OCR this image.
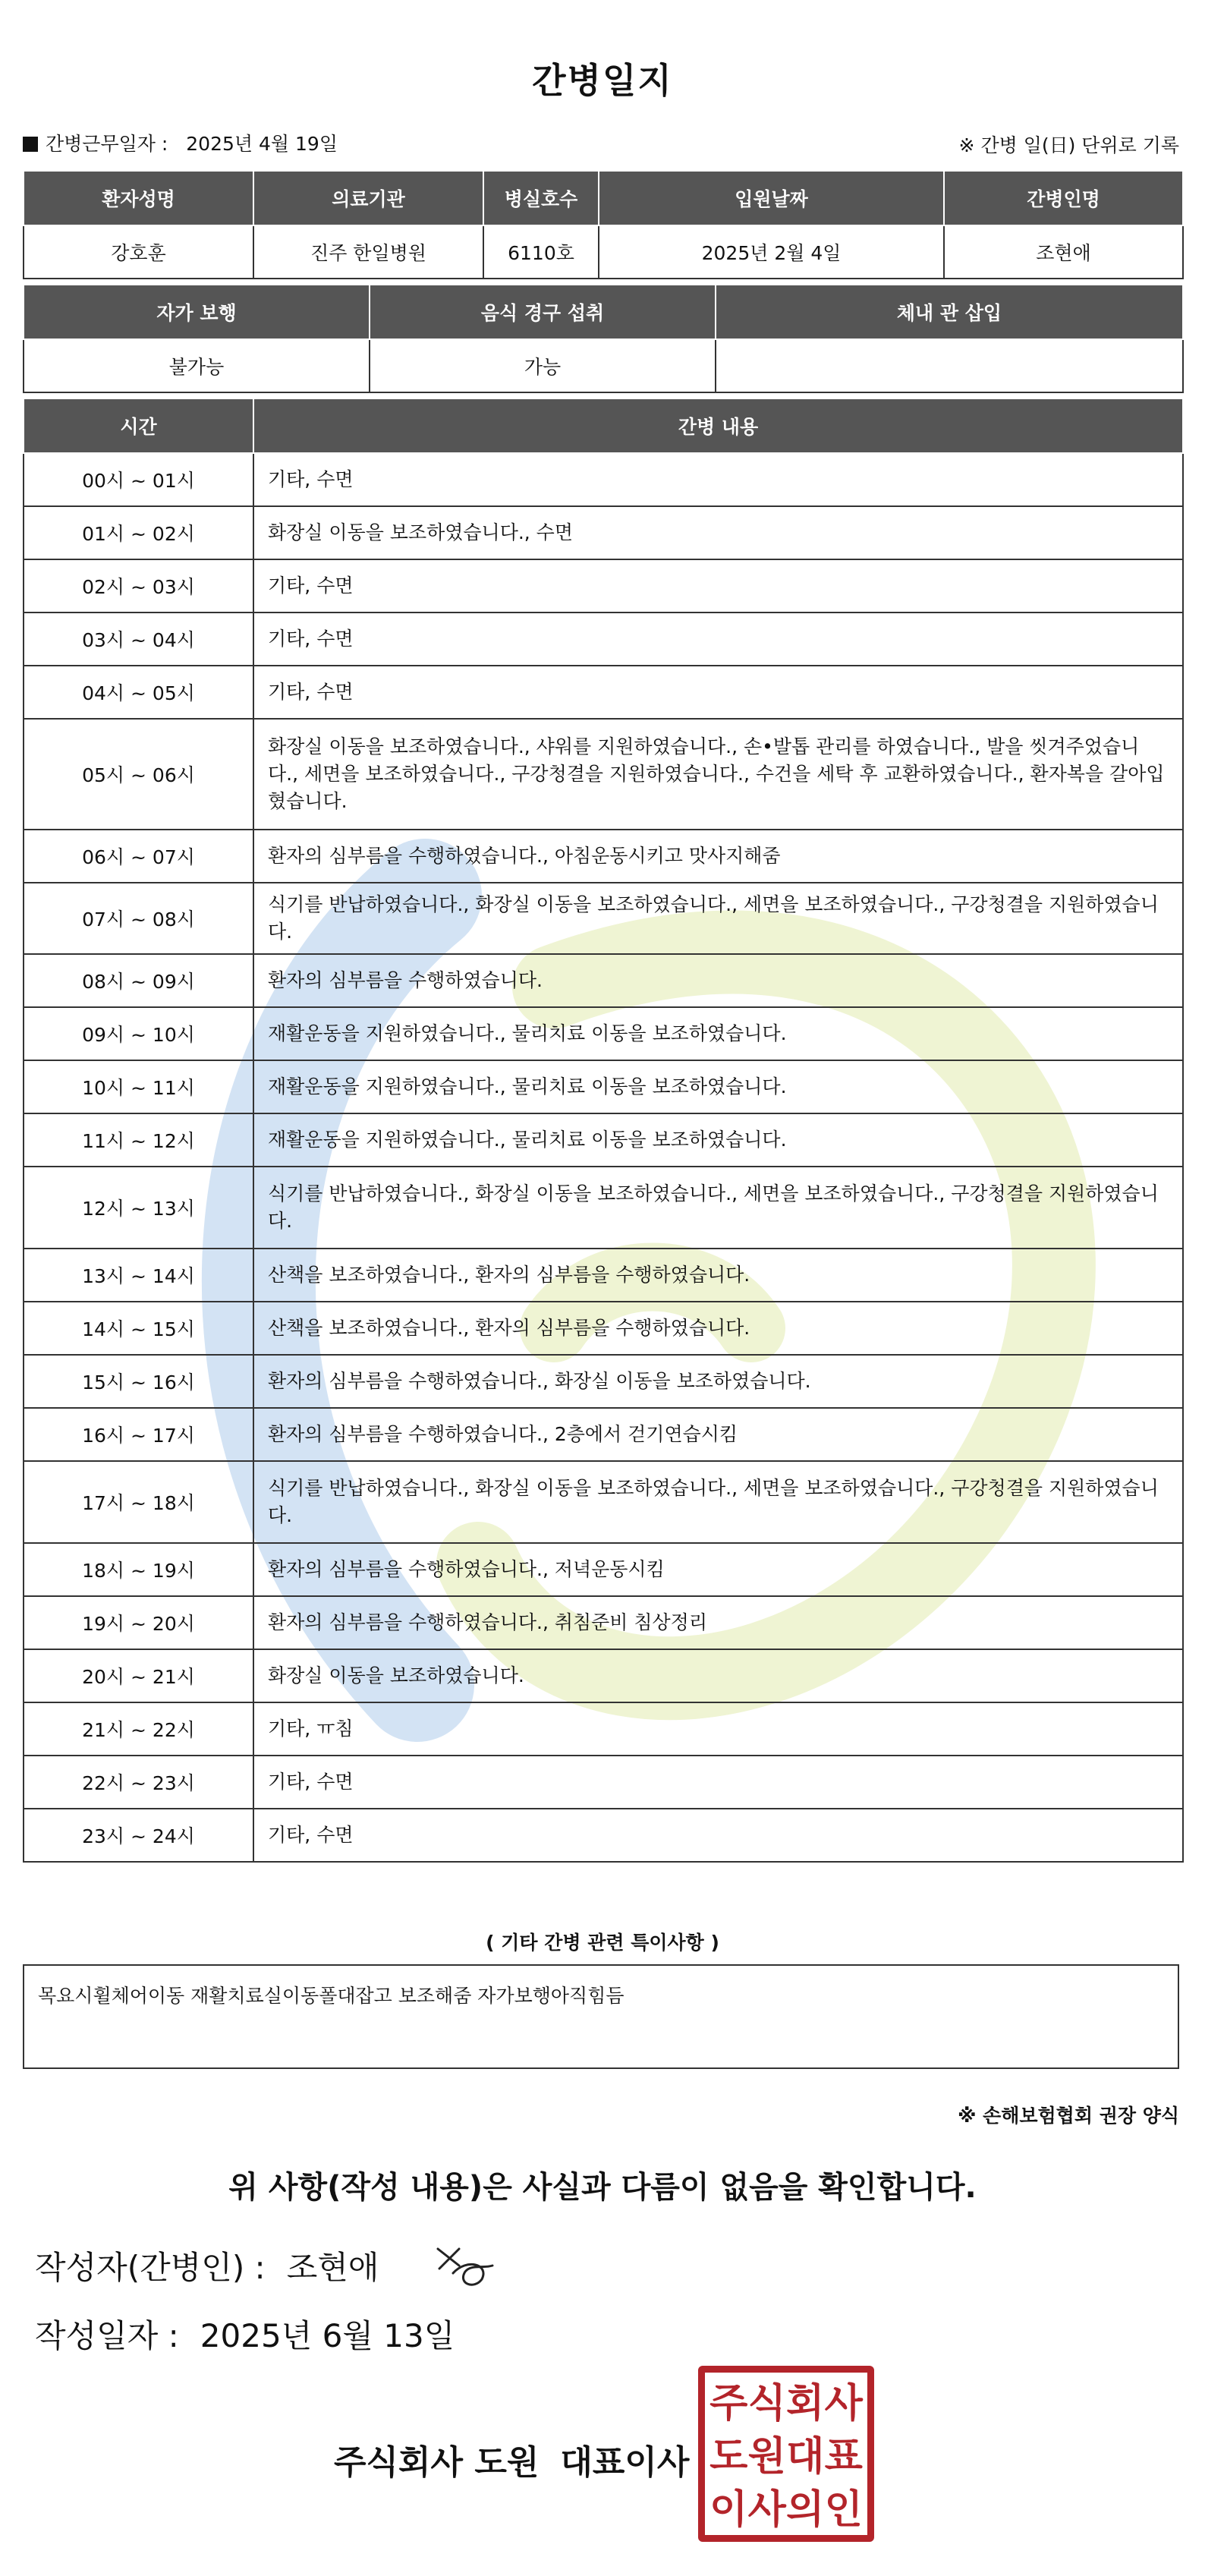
간병일지
간병근무일자 : 2025년 4월 19일	※ 간병 일(日) 단위로 기록
환자성명	의료기관	병실호수	입원날짜	간병인명
강호훈	진주 한일병원	6110호	2025년 2월 4일	조현애
자가 보행	음식 경구 섭취	체내 관 삽입
불가능	가능	
시간	간병 내용
00시 ~ 01시	기타, 수면
01시 ~ 02시	화장실 이동을 보조하였습니다., 수면
02시 ~ 03시	기타, 수면
03시 ~ 04시	기타, 수면
04시 ~ 05시	기타, 수면
05시 ~ 06시	화장실 이동을 보조하였습니다., 샤워를 지원하였습니다., 손•발톱 관리를 하였습니다., 발을 씻겨주었습니다., 세면을 보조하였습니다., 구강청결을 지원하였습니다., 수건을 세탁 후 교환하였습니다., 환자복을 갈아입혔습니다.
06시 ~ 07시	환자의 심부름을 수행하였습니다., 아침운동시키고 맛사지해줌
07시 ~ 08시	식기를 반납하였습니다., 화장실 이동을 보조하였습니다., 세면을 보조하였습니다., 구강청결을 지원하였습니다.
08시 ~ 09시	환자의 심부름을 수행하였습니다.
09시 ~ 10시	재활운동을 지원하였습니다., 물리치료 이동을 보조하였습니다.
10시 ~ 11시	재활운동을 지원하였습니다., 물리치료 이동을 보조하였습니다.
11시 ~ 12시	재활운동을 지원하였습니다., 물리치료 이동을 보조하였습니다.
12시 ~ 13시	식기를 반납하였습니다., 화장실 이동을 보조하였습니다., 세면을 보조하였습니다., 구강청결을 지원하였습니다.
13시 ~ 14시	산책을 보조하였습니다., 환자의 심부름을 수행하였습니다.
14시 ~ 15시	산책을 보조하였습니다., 환자의 심부름을 수행하였습니다.
15시 ~ 16시	환자의 심부름을 수행하였습니다., 화장실 이동을 보조하였습니다.
16시 ~ 17시	환자의 심부름을 수행하였습니다., 2층에서 걷기연습시킴
17시 ~ 18시	식기를 반납하였습니다., 화장실 이동을 보조하였습니다., 세면을 보조하였습니다., 구강청결을 지원하였습니다.
18시 ~ 19시	환자의 심부름을 수행하였습니다., 저녁운동시킴
19시 ~ 20시	환자의 심부름을 수행하였습니다., 취침준비 침상정리
20시 ~ 21시	화장실 이동을 보조하였습니다.
21시 ~ 22시	기타, ㅠ침
22시 ~ 23시	기타, 수면
23시 ~ 24시	기타, 수면
( 기타 간병 관련 특이사항 )
목요시휠체어이동 재활치료실이동폴대잡고 보조해줌 자가보행아직힘듬
※ 손해보험협회 권장 양식
위 사항(작성 내용)은 사실과 다름이 없음을 확인합니다.
작성자(간병인) : 조현애
작성일자 : 2025년 6월 13일
주식회사 도원 대표이사
주 식 회 사
도 원 대 표
이 사 의 인
